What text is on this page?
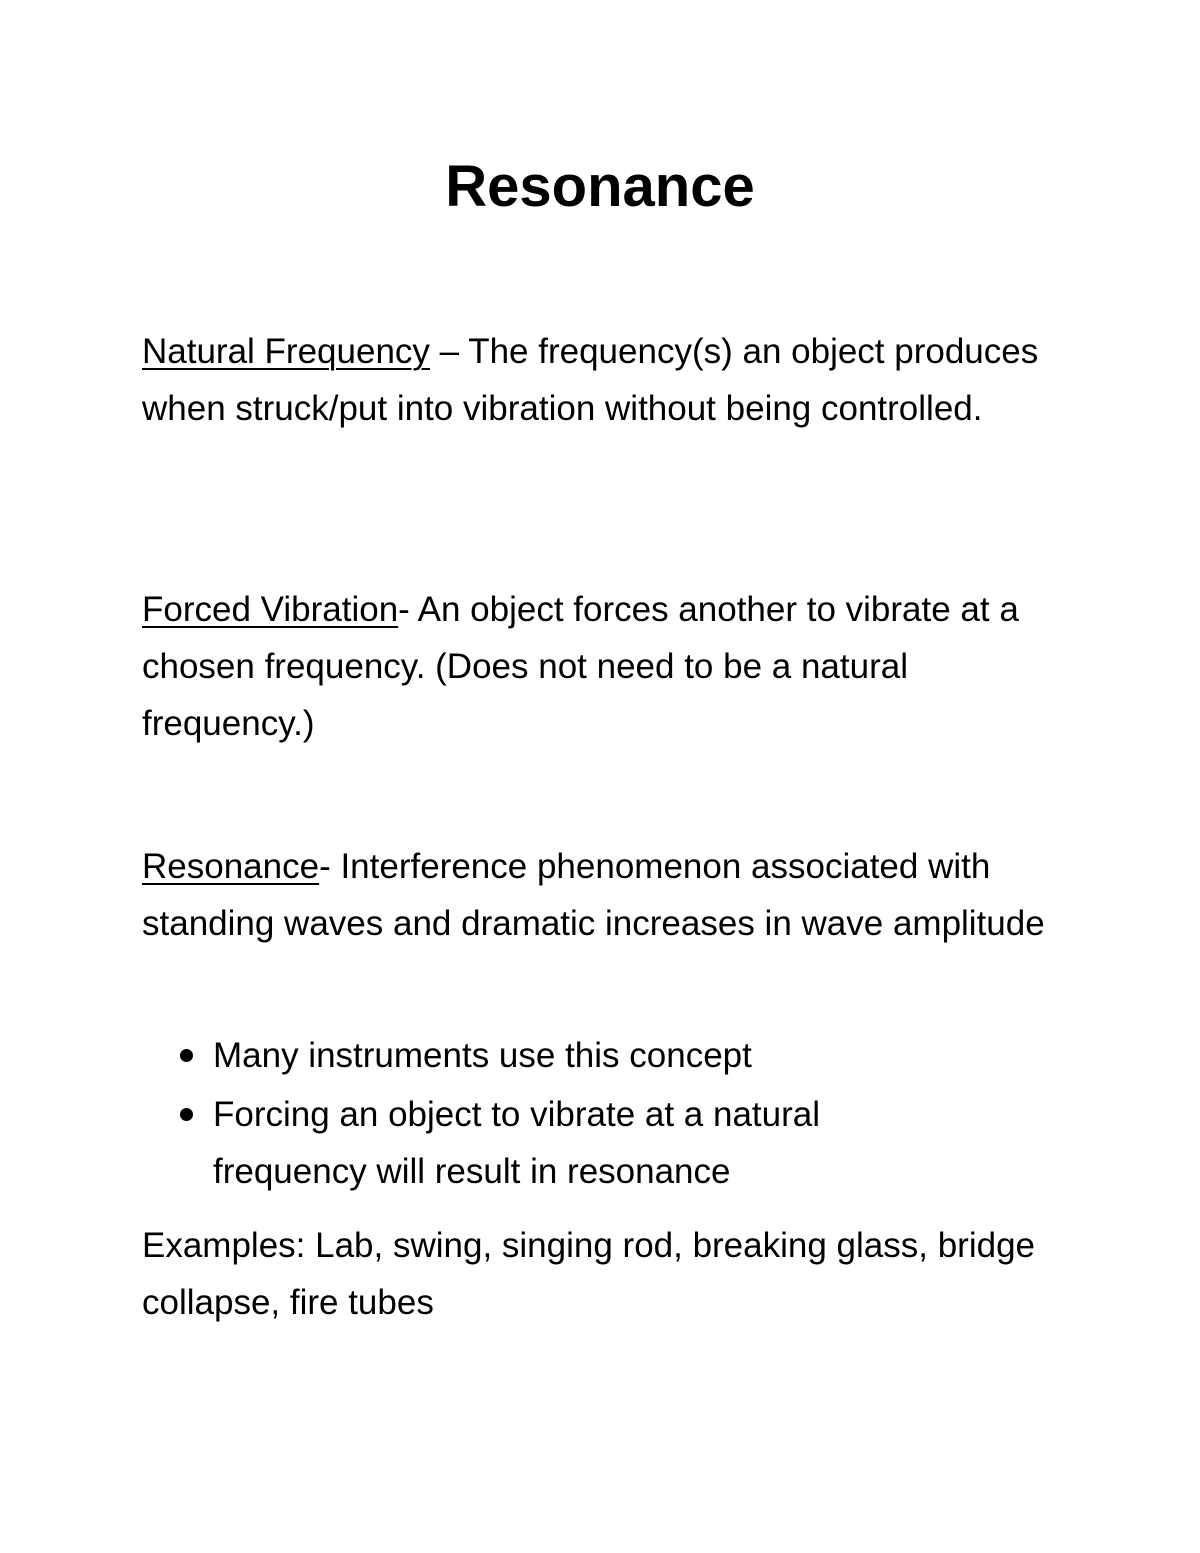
Resonance

Natural Frequency – The frequency(s) an object produces when struck/put into vibration without being controlled.

Forced Vibration- An object forces another to vibrate at a chosen frequency. (Does not need to be a natural frequency.)

Resonance- Interference phenomenon associated with standing waves and dramatic increases in wave amplitude

Many instruments use this concept
Forcing an object to vibrate at a natural frequency will result in resonance

Examples: Lab, swing, singing rod, breaking glass, bridge collapse, fire tubes
